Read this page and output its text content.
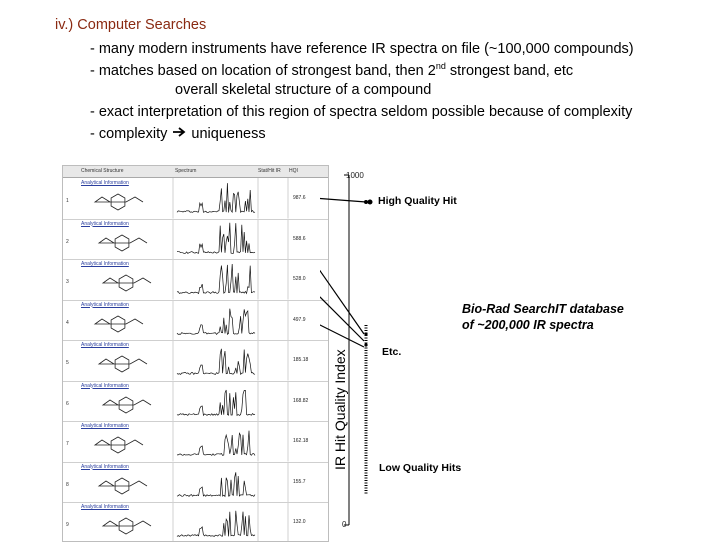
iv.) Computer Searches
- many modern instruments have reference IR spectra on file (~100,000 compounds)
- matches based on location of strongest band, then 2nd strongest band, etc
overall skeletal structure of a compound
- exact interpretation of this region of spectra seldom possible because of complexity
- complexity uniqueness
Chemical Structure	Spectrum	Stat/Hit IR HQI
1
Analytical Information
987.6
2
Analytical Information
588.6
3
Analytical Information
528.0
4
Analytical Information
497.9
5
Analytical Information
185.18
6
Analytical Information
168.82
7
Analytical Information
162.18
8
Analytical Information
155.7
9
Analytical Information
132.0
1000
0
IR Hit Quality Index
High Quality Hit
Etc.
Low Quality Hits
Bio-Rad SearchIT database
of ~200,000 IR spectra
